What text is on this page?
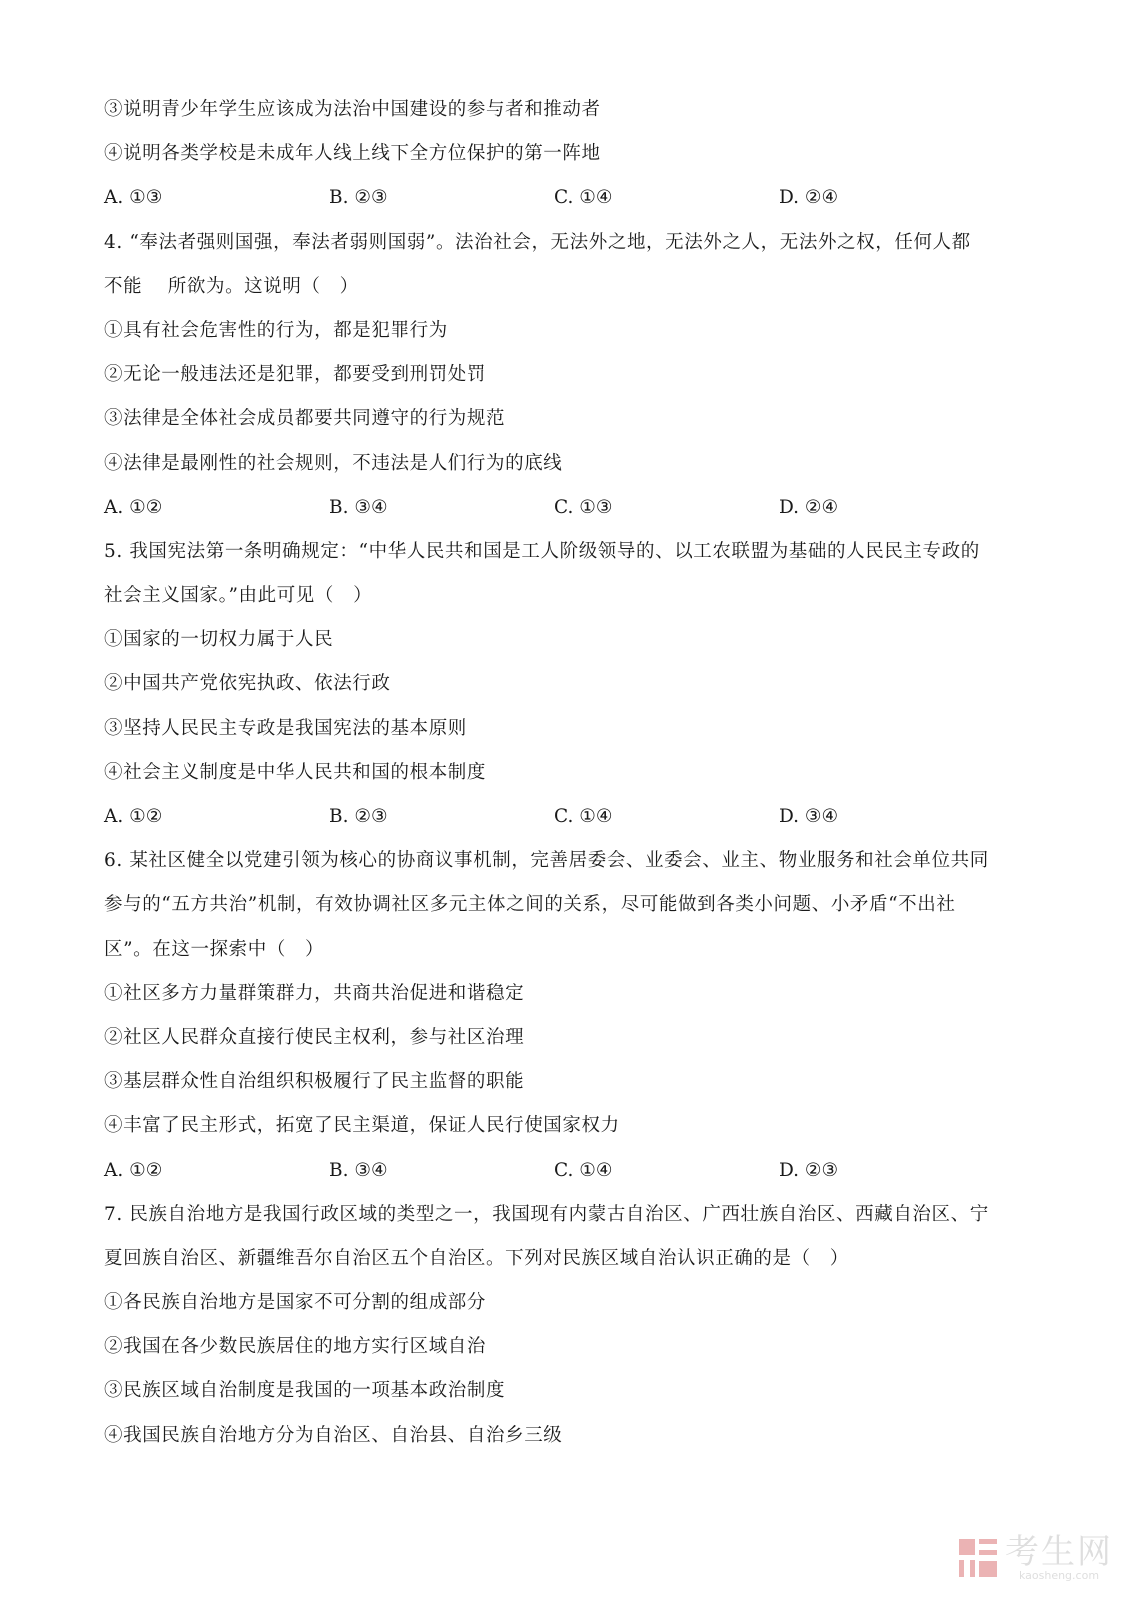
③说明青少年学生应该成为法治中国建设的参与者和推动者
④说明各类学校是未成年人线上线下全方位保护的第一阵地
A. ①③	B. ②③	C. ①④	D. ②④
4. “奉法者强则国强，奉法者弱则国弱”。法治社会，无法外之地，无法外之人，无法外之权，任何人都
不能　 所欲为。这说明（　）
①具有社会危害性的行为，都是犯罪行为
②无论一般违法还是犯罪，都要受到刑罚处罚
③法律是全体社会成员都要共同遵守的行为规范
④法律是最刚性的社会规则，不违法是人们行为的底线
A. ①②	B. ③④	C. ①③	D. ②④
5. 我国宪法第一条明确规定：“中华人民共和国是工人阶级领导的、以工农联盟为基础的人民民主专政的
社会主义国家。”由此可见（　）
①国家的一切权力属于人民
②中国共产党依宪执政、依法行政
③坚持人民民主专政是我国宪法的基本原则
④社会主义制度是中华人民共和国的根本制度
A. ①②	B. ②③	C. ①④	D. ③④
6. 某社区健全以党建引领为核心的协商议事机制，完善居委会、业委会、业主、物业服务和社会单位共同
参与的“五方共治”机制，有效协调社区多元主体之间的关系，尽可能做到各类小问题、小矛盾“不出社
区”。在这一探索中（　）
①社区多方力量群策群力，共商共治促进和谐稳定
②社区人民群众直接行使民主权利，参与社区治理
③基层群众性自治组织积极履行了民主监督的职能
④丰富了民主形式，拓宽了民主渠道，保证人民行使国家权力
A. ①②	B. ③④	C. ①④	D. ②③
7. 民族自治地方是我国行政区域的类型之一，我国现有内蒙古自治区、广西壮族自治区、西藏自治区、宁
夏回族自治区、新疆维吾尔自治区五个自治区。下列对民族区域自治认识正确的是（　）
①各民族自治地方是国家不可分割的组成部分
②我国在各少数民族居住的地方实行区域自治
③民族区域自治制度是我国的一项基本政治制度
④我国民族自治地方分为自治区、自治县、自治乡三级
考生网
kaosheng.com
